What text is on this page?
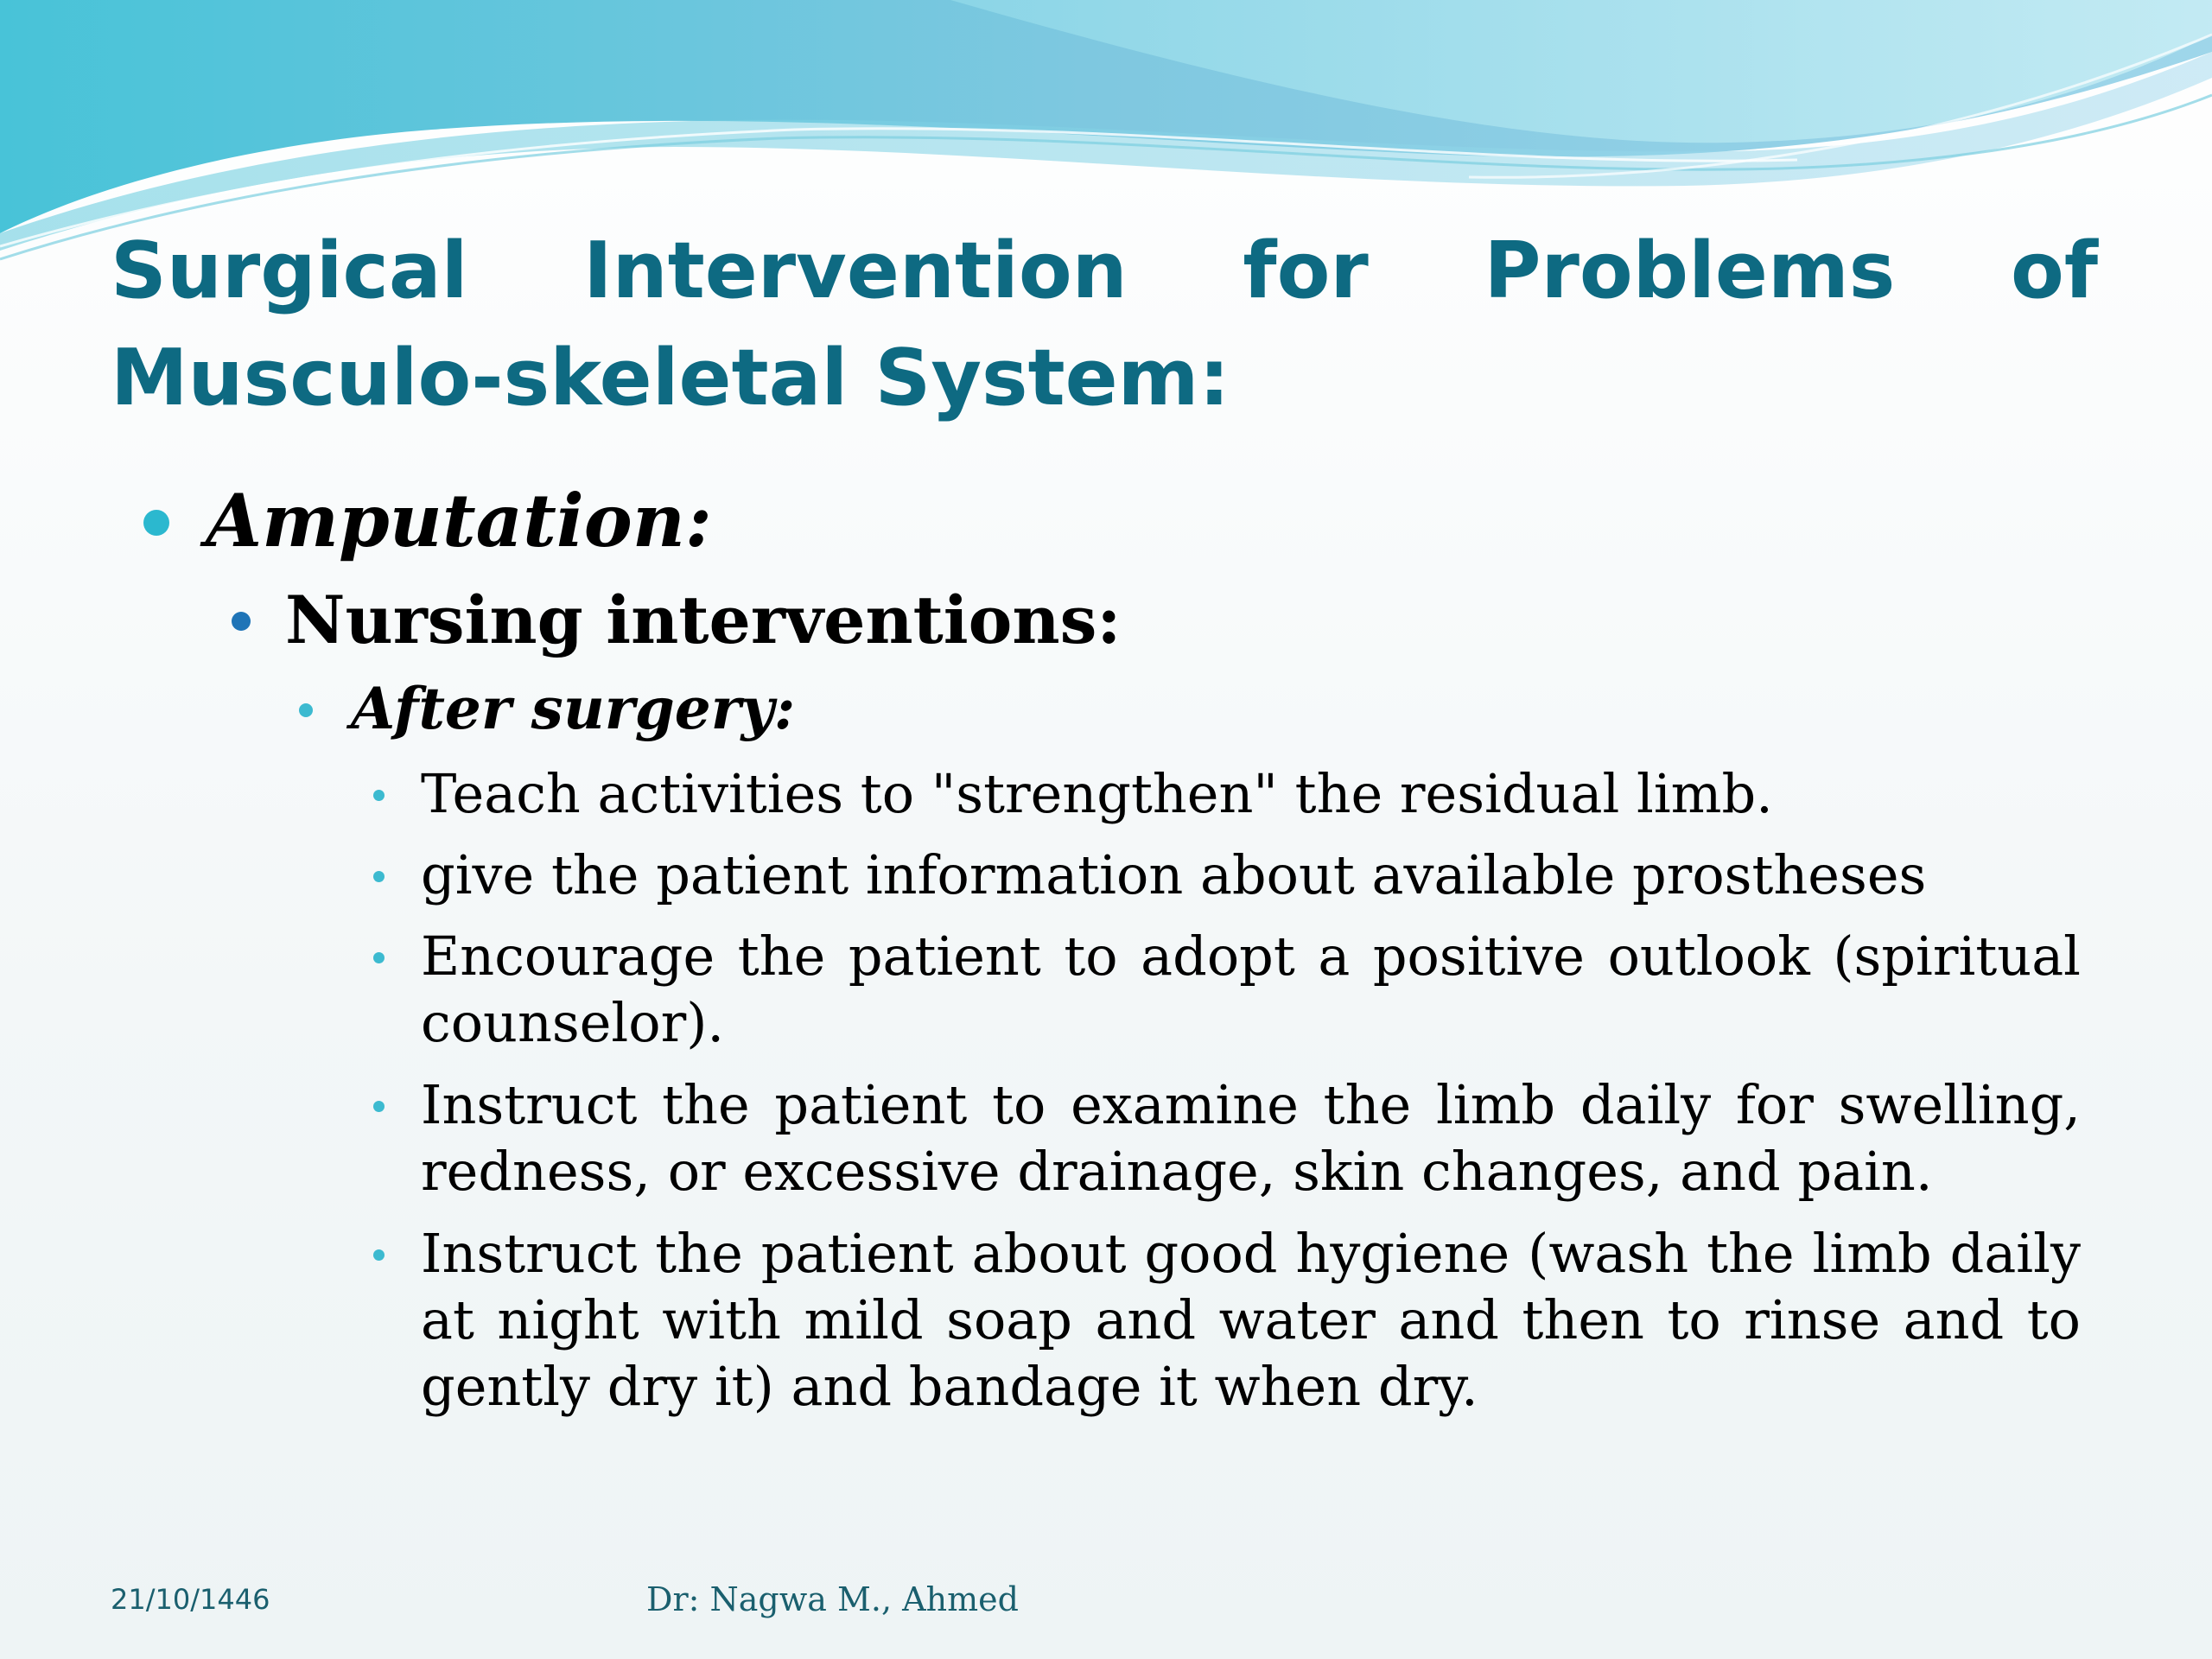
Surgical Intervention for Problems of Musculo-skeletal System:
Amputation:
Nursing interventions:
After surgery:
Teach activities to "strengthen" the residual limb.
give the patient information about available prostheses
Encourage the patient to adopt a positive outlook (spiritual counselor).
Instruct the patient to examine the limb daily for swelling, redness, or excessive drainage, skin changes, and pain.
Instruct the patient about good hygiene (wash the limb daily at night with mild soap and water and then to rinse and to gently dry it) and bandage it when dry.
21/10/1446	Dr: Nagwa M., Ahmed
